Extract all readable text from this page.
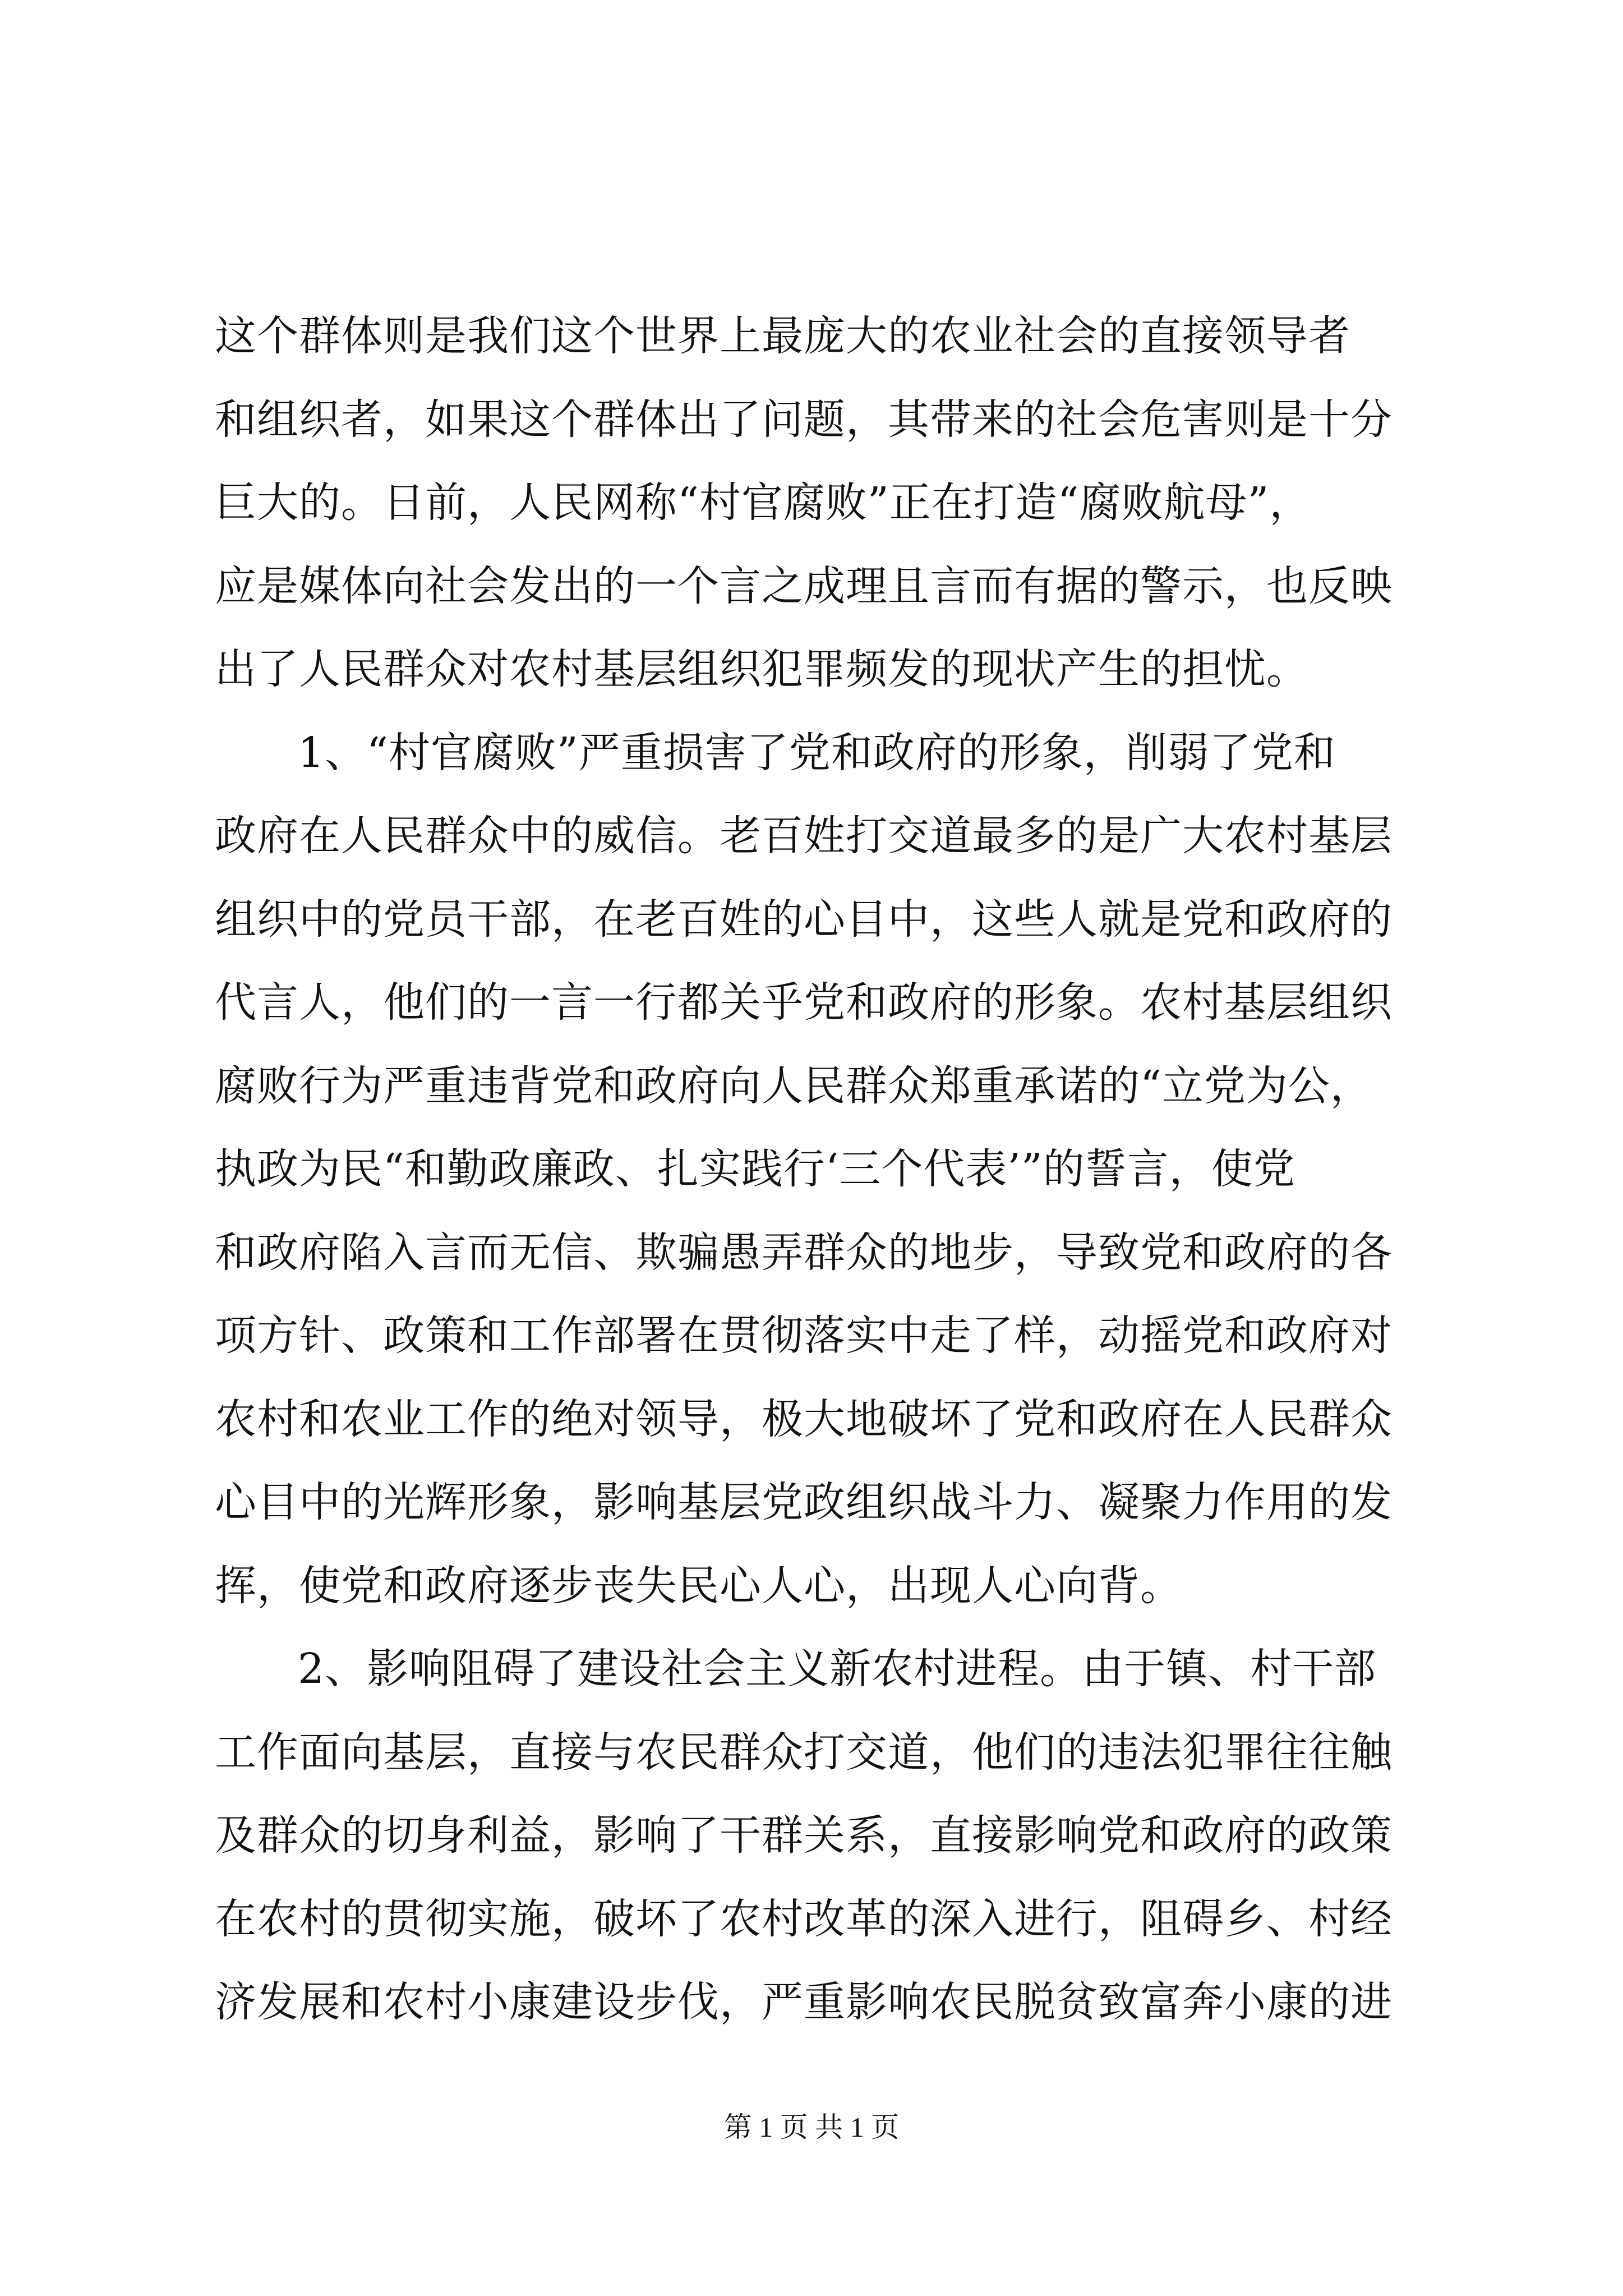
这个群体则是我们这个世界上最庞大的农业社会的直接领导者
和组织者，如果这个群体出了问题，其带来的社会危害则是十分
巨大的。日前，人民网称“村官腐败”正在打造“腐败航母”，
应是媒体向社会发出的一个言之成理且言而有据的警示，也反映
出了人民群众对农村基层组织犯罪频发的现状产生的担忧。
1、“村官腐败”严重损害了党和政府的形象，削弱了党和
政府在人民群众中的威信。老百姓打交道最多的是广大农村基层
组织中的党员干部，在老百姓的心目中，这些人就是党和政府的
代言人，他们的一言一行都关乎党和政府的形象。农村基层组织
腐败行为严重违背党和政府向人民群众郑重承诺的“立党为公，
执政为民“和勤政廉政、扎实践行‘三个代表’”的誓言，使党
和政府陷入言而无信、欺骗愚弄群众的地步，导致党和政府的各
项方针、政策和工作部署在贯彻落实中走了样，动摇党和政府对
农村和农业工作的绝对领导，极大地破坏了党和政府在人民群众
心目中的光辉形象，影响基层党政组织战斗力、凝聚力作用的发
挥，使党和政府逐步丧失民心人心，出现人心向背。
2、影响阻碍了建设社会主义新农村进程。由于镇、村干部
工作面向基层，直接与农民群众打交道，他们的违法犯罪往往触
及群众的切身利益，影响了干群关系，直接影响党和政府的政策
在农村的贯彻实施，破坏了农村改革的深入进行，阻碍乡、村经
济发展和农村小康建设步伐，严重影响农民脱贫致富奔小康的进
第 1 页 共 1 页
